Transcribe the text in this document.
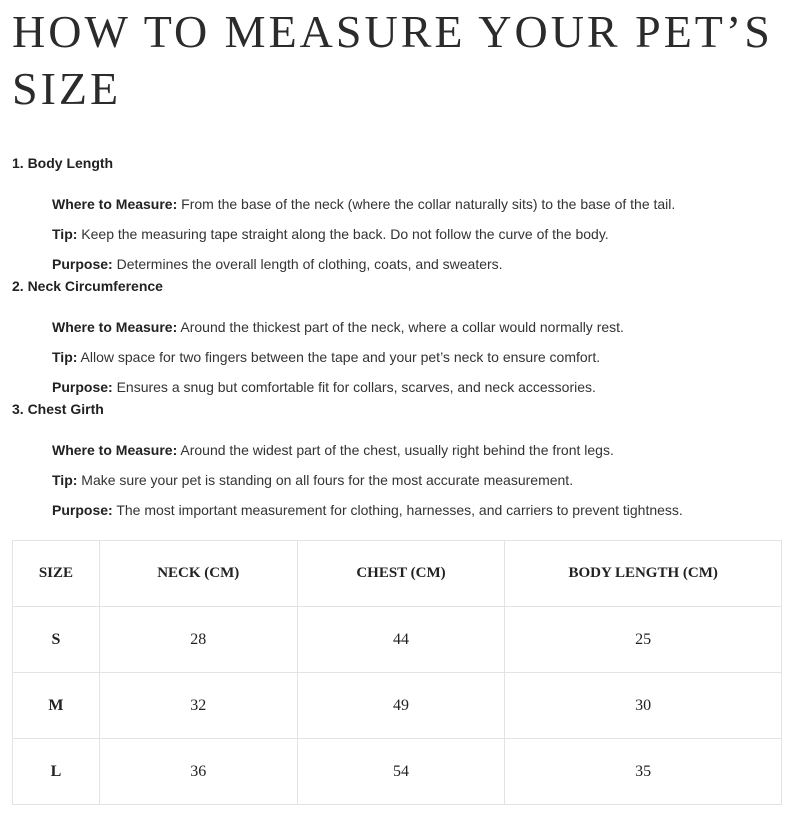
HOW TO MEASURE YOUR PET’S SIZE

1. Body Length

Where to Measure: From the base of the neck (where the collar naturally sits) to the base of the tail.
Tip: Keep the measuring tape straight along the back. Do not follow the curve of the body.
Purpose: Determines the overall length of clothing, coats, and sweaters.

2. Neck Circumference

Where to Measure: Around the thickest part of the neck, where a collar would normally rest.
Tip: Allow space for two fingers between the tape and your pet’s neck to ensure comfort.
Purpose: Ensures a snug but comfortable fit for collars, scarves, and neck accessories.

3. Chest Girth

Where to Measure: Around the widest part of the chest, usually right behind the front legs.
Tip: Make sure your pet is standing on all fours for the most accurate measurement.
Purpose: The most important measurement for clothing, harnesses, and carriers to prevent tightness.
SIZE	NECK (CM)	CHEST (CM)	BODY LENGTH (CM)
S	28	44	25
M	32	49	30
L	36	54	35
